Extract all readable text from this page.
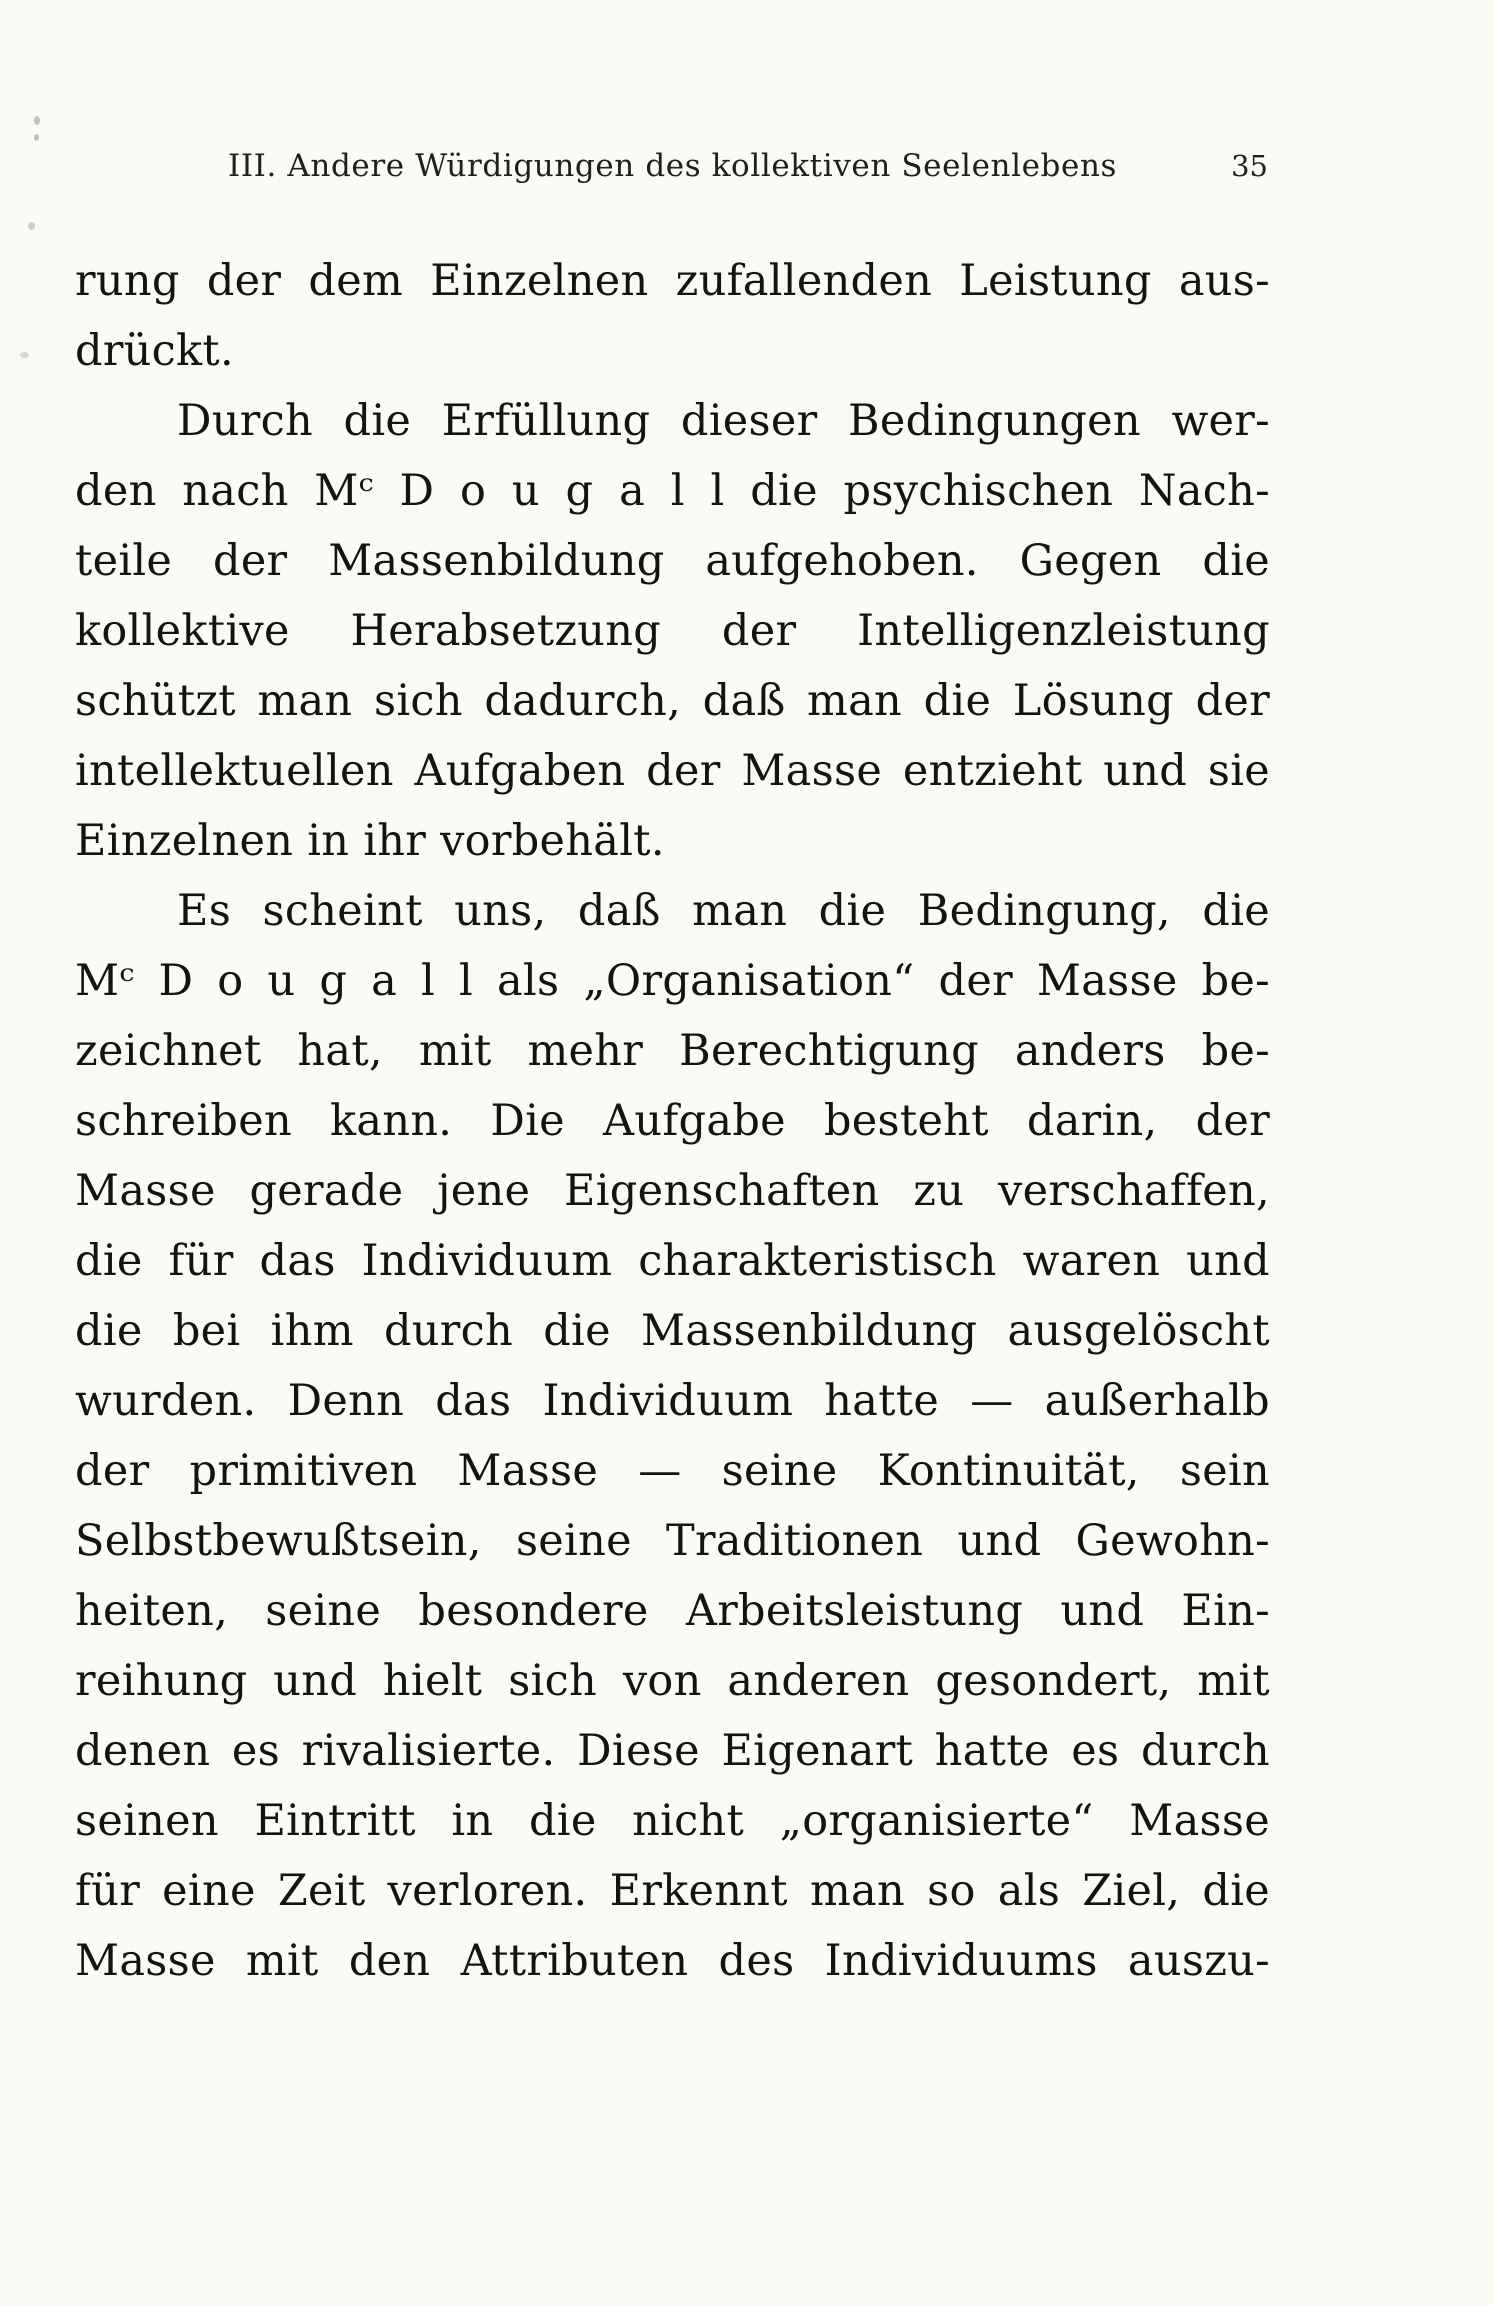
III. Andere Würdigungen des kollektiven Seelenlebens	35
rung der dem Einzelnen zufallenden Leistung aus-
drückt.
Durch die Erfüllung dieser Bedingungen wer-
den nach Mᶜ D o u g a l l die psychischen Nach-
teile der Massenbildung aufgehoben. Gegen die
kollektive Herabsetzung der Intelligenzleistung
schützt man sich dadurch, daß man die Lösung der
intellektuellen Aufgaben der Masse entzieht und sie
Einzelnen in ihr vorbehält.
Es scheint uns, daß man die Bedingung, die
Mᶜ D o u g a l l als „Organisation“ der Masse be-
zeichnet hat, mit mehr Berechtigung anders be-
schreiben kann. Die Aufgabe besteht darin, der
Masse gerade jene Eigenschaften zu verschaffen,
die für das Individuum charakteristisch waren und
die bei ihm durch die Massenbildung ausgelöscht
wurden. Denn das Individuum hatte — außerhalb
der primitiven Masse — seine Kontinuität, sein
Selbstbewußtsein, seine Traditionen und Gewohn-
heiten, seine besondere Arbeitsleistung und Ein-
reihung und hielt sich von anderen gesondert, mit
denen es rivalisierte. Diese Eigenart hatte es durch
seinen Eintritt in die nicht „organisierte“ Masse
für eine Zeit verloren. Erkennt man so als Ziel, die
Masse mit den Attributen des Individuums auszu-
